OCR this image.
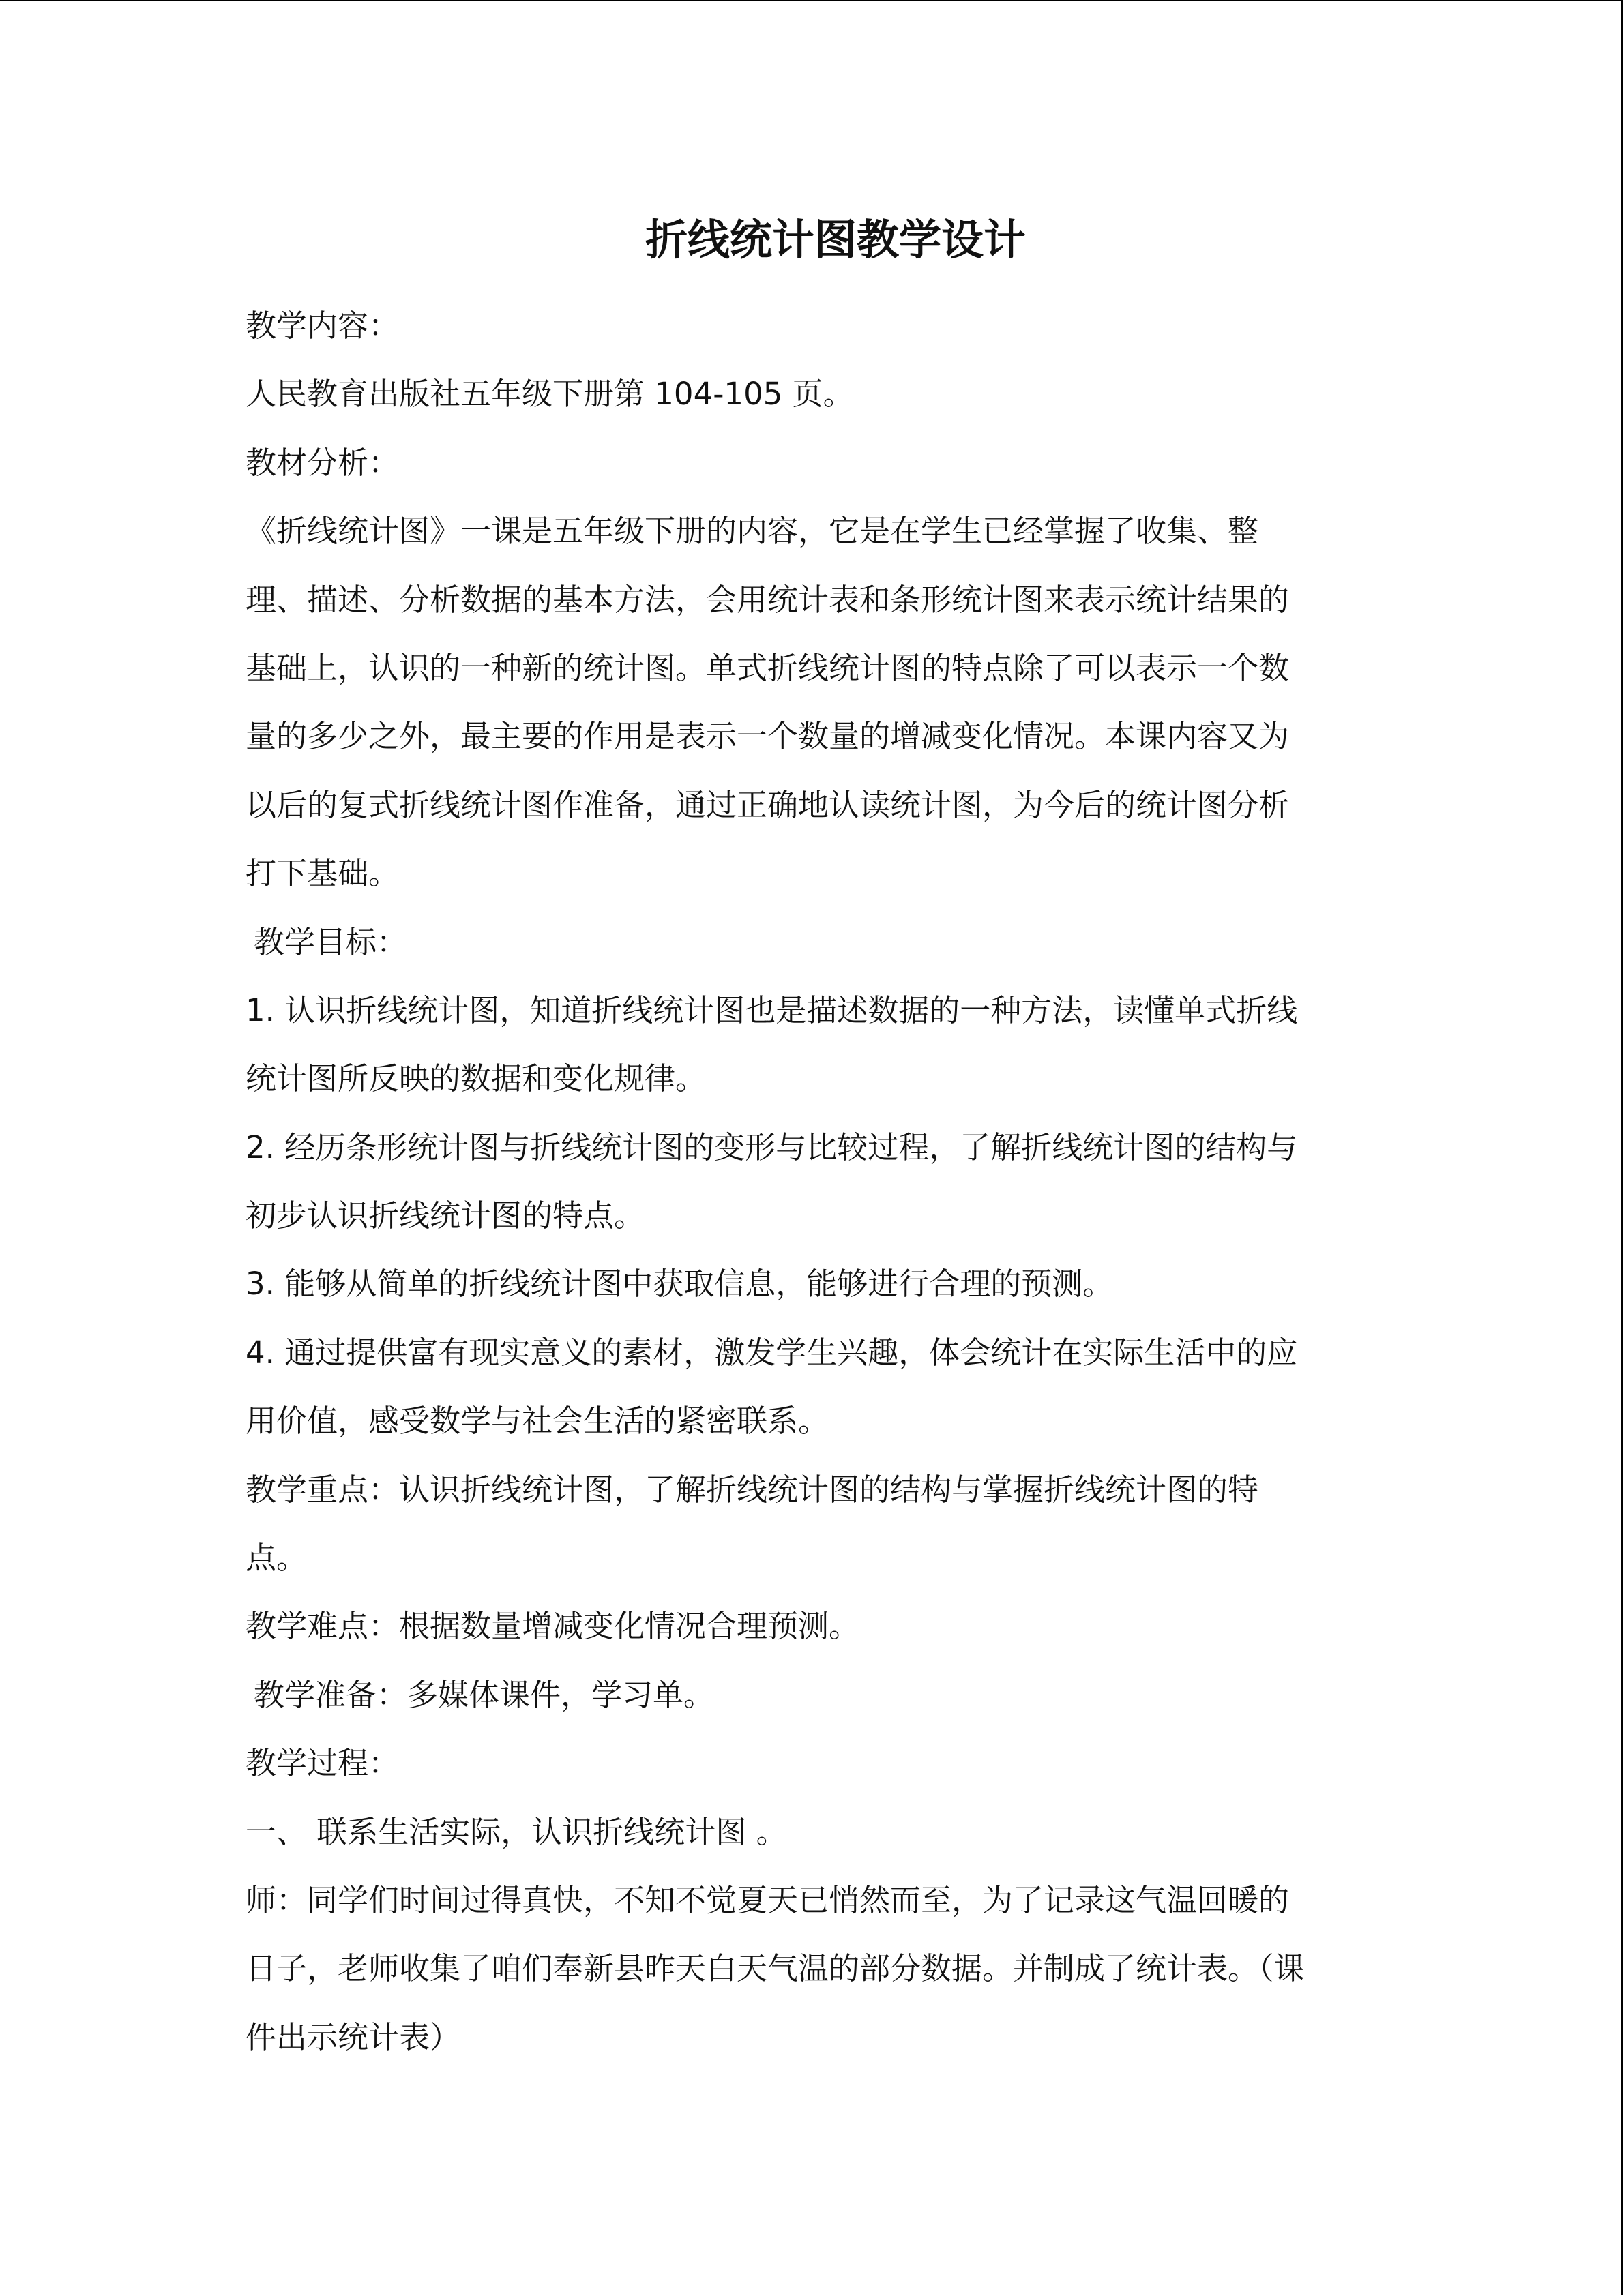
折线统计图教学设计
教学内容：
人民教育出版社五年级下册第 104-105 页。
教材分析：
《折线统计图》一课是五年级下册的内容，它是在学生已经掌握了收集、整
理、描述、分析数据的基本方法，会用统计表和条形统计图来表示统计结果的
基础上，认识的一种新的统计图。单式折线统计图的特点除了可以表示一个数
量的多少之外，最主要的作用是表示一个数量的增减变化情况。本课内容又为
以后的复式折线统计图作准备，通过正确地认读统计图，为今后的统计图分析
打下基础。
教学目标：
1. 认识折线统计图，知道折线统计图也是描述数据的一种方法，读懂单式折线
统计图所反映的数据和变化规律。
2. 经历条形统计图与折线统计图的变形与比较过程，了解折线统计图的结构与
初步认识折线统计图的特点。
3. 能够从简单的折线统计图中获取信息，能够进行合理的预测。
4. 通过提供富有现实意义的素材，激发学生兴趣，体会统计在实际生活中的应
用价值，感受数学与社会生活的紧密联系。
教学重点：认识折线统计图，了解折线统计图的结构与掌握折线统计图的特
点。
教学难点：根据数量增减变化情况合理预测。
教学准备：多媒体课件，学习单。
教学过程：
一、 联系生活实际，认识折线统计图 。
师：同学们时间过得真快，不知不觉夏天已悄然而至，为了记录这气温回暖的
日子，老师收集了咱们奉新县昨天白天气温的部分数据。并制成了统计表。（课
件出示统计表）
